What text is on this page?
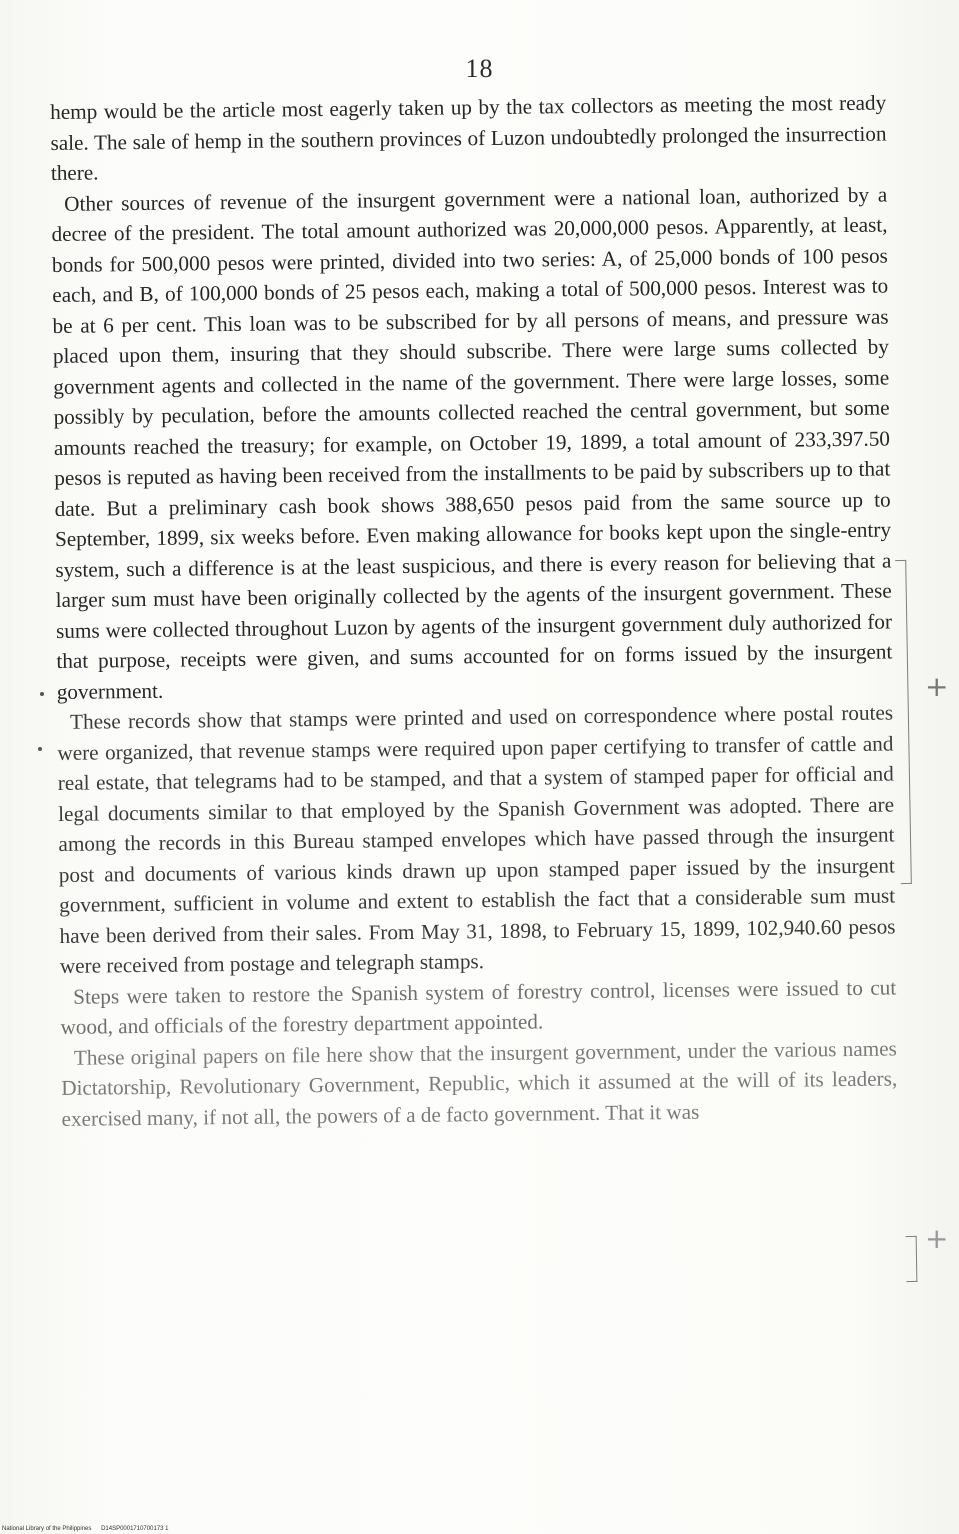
18

hemp would be the article most eagerly taken up by the tax collectors as meeting the most ready sale. The sale of hemp in the southern provinces of Luzon undoubtedly prolonged the insurrection there.

Other sources of revenue of the insurgent government were a national loan, authorized by a decree of the president. The total amount authorized was 20,000,000 pesos. Apparently, at least, bonds for 500,000 pesos were printed, divided into two series: A, of 25,000 bonds of 100 pesos each, and B, of 100,000 bonds of 25 pesos each, making a total of 500,000 pesos. Interest was to be at 6 per cent. This loan was to be subscribed for by all persons of means, and pressure was placed upon them, insuring that they should subscribe. There were large sums collected by government agents and collected in the name of the government. There were large losses, some possibly by peculation, before the amounts collected reached the central government, but some amounts reached the treasury; for example, on October 19, 1899, a total amount of 233,397.50 pesos is reputed as having been received from the installments to be paid by subscribers up to that date. But a preliminary cash book shows 388,650 pesos paid from the same source up to September, 1899, six weeks before. Even making allowance for books kept upon the single-entry system, such a difference is at the least suspicious, and there is every reason for believing that a larger sum must have been originally collected by the agents of the insurgent government. These sums were collected throughout Luzon by agents of the insurgent government duly authorized for that purpose, receipts were given, and sums accounted for on forms issued by the insurgent government.

These records show that stamps were printed and used on correspondence where postal routes were organized, that revenue stamps were required upon paper certifying to transfer of cattle and real estate, that telegrams had to be stamped, and that a system of stamped paper for official and legal documents similar to that employed by the Spanish Government was adopted. There are among the records in this Bureau stamped envelopes which have passed through the insurgent post and documents of various kinds drawn up upon stamped paper issued by the insurgent government, sufficient in volume and extent to establish the fact that a considerable sum must have been derived from their sales. From May 31, 1898, to February 15, 1899, 102,940.60 pesos were received from postage and telegraph stamps.

Steps were taken to restore the Spanish system of forestry control, licenses were issued to cut wood, and officials of the forestry department appointed.

These original papers on file here show that the insurgent government, under the various names Dictatorship, Revolutionary Government, Republic, which it assumed at the will of its leaders, exercised many, if not all, the powers of a de facto government. That it was

+
+
National Library of the Philippines D14SP0001710700173 1
